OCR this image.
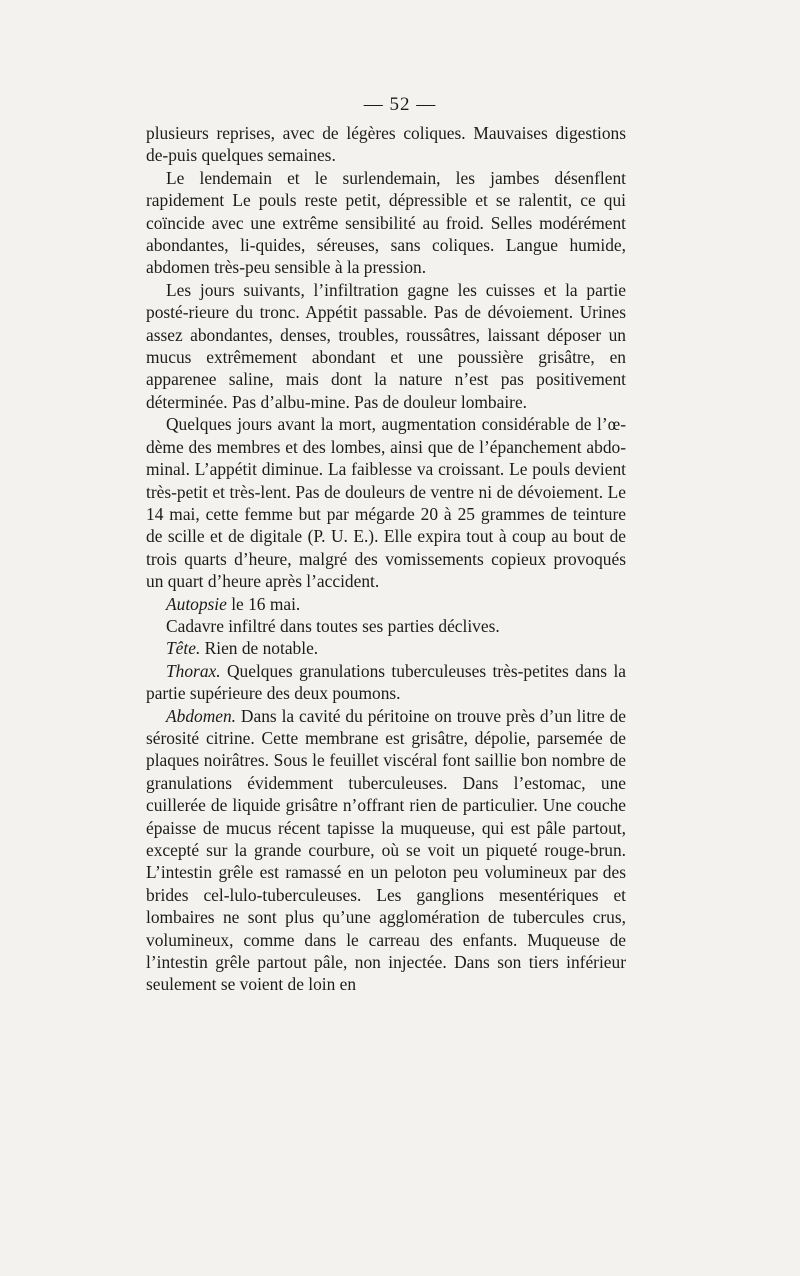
— 52 —

plusieurs reprises, avec de légères coliques. Mauvaises digestions de-puis quelques semaines.

Le lendemain et le surlendemain, les jambes désenflent rapidement Le pouls reste petit, dépressible et se ralentit, ce qui coïncide avec une extrême sensibilité au froid. Selles modérément abondantes, li-quides, séreuses, sans coliques. Langue humide, abdomen très-peu sensible à la pression.

Les jours suivants, l’infiltration gagne les cuisses et la partie posté-rieure du tronc. Appétit passable. Pas de dévoiement. Urines assez abondantes, denses, troubles, roussâtres, laissant déposer un mucus extrêmement abondant et une poussière grisâtre, en apparenee saline, mais dont la nature n’est pas positivement déterminée. Pas d’albu-mine. Pas de douleur lombaire.

Quelques jours avant la mort, augmentation considérable de l’œ-dème des membres et des lombes, ainsi que de l’épanchement abdo-minal. L’appétit diminue. La faiblesse va croissant. Le pouls devient très-petit et très-lent. Pas de douleurs de ventre ni de dévoiement. Le 14 mai, cette femme but par mégarde 20 à 25 grammes de teinture de scille et de digitale (P. U. E.). Elle expira tout à coup au bout de trois quarts d’heure, malgré des vomissements copieux provoqués un quart d’heure après l’accident.

Autopsie le 16 mai.

Cadavre infiltré dans toutes ses parties déclives.

Tête. Rien de notable.

Thorax. Quelques granulations tuberculeuses très-petites dans la partie supérieure des deux poumons.

Abdomen. Dans la cavité du péritoine on trouve près d’un litre de sérosité citrine. Cette membrane est grisâtre, dépolie, parsemée de plaques noirâtres. Sous le feuillet viscéral font saillie bon nombre de granulations évidemment tuberculeuses. Dans l’estomac, une cuillerée de liquide grisâtre n’offrant rien de particulier. Une couche épaisse de mucus récent tapisse la muqueuse, qui est pâle partout, excepté sur la grande courbure, où se voit un piqueté rouge-brun. L’intestin grêle est ramassé en un peloton peu volumineux par des brides cel-lulo-tuberculeuses. Les ganglions mesentériques et lombaires ne sont plus qu’une agglomération de tubercules crus, volumineux, comme dans le carreau des enfants. Muqueuse de l’intestin grêle partout pâle, non injectée. Dans son tiers inférieur seulement se voient de loin en
